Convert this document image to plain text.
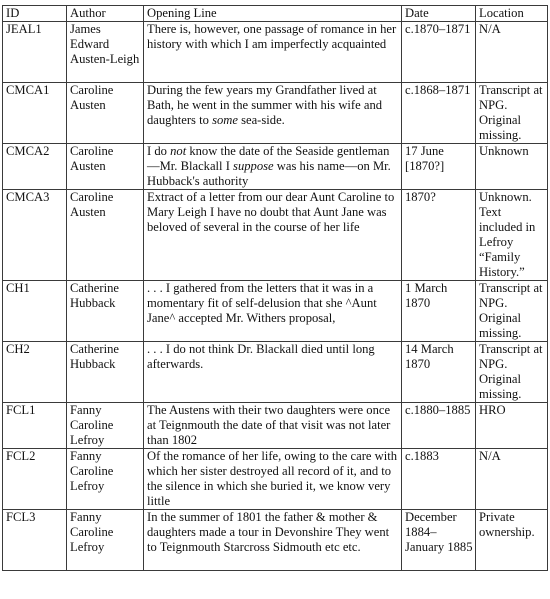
ID	Author	Opening Line	Date	Location
JEAL1	James Edward Austen-Leigh	There is, however, one passage of romance in her history with which I am imperfectly acquainted	c.1870–1871	N/A
CMCA1	Caroline Austen	During the few years my Grandfather lived at Bath, he went in the summer with his wife and daughters to some sea-side.	c.1868–1871	Transcript at NPG. Original missing.
CMCA2	Caroline Austen	I do not know the date of the Seaside gentleman—Mr. Blackall I suppose was his name—on Mr. Hubback's authority	17 June [1870?]	Unknown
CMCA3	Caroline Austen	Extract of a letter from our dear Aunt Caroline to Mary Leigh I have no doubt that Aunt Jane was beloved of several in the course of her life	1870?	Unknown. Text included in Lefroy “Family History.”
CH1	Catherine Hubback	. . . I gathered from the letters that it was in a momentary fit of self-delusion that she ^Aunt Jane^ accepted Mr. Withers proposal,	1 March 1870	Transcript at NPG. Original missing.
CH2	Catherine Hubback	. . . I do not think Dr. Blackall died until long afterwards.	14 March 1870	Transcript at NPG. Original missing.
FCL1	Fanny Caroline Lefroy	The Austens with their two daughters were once at Teignmouth the date of that visit was not later than 1802	c.1880–1885	HRO
FCL2	Fanny Caroline Lefroy	Of the romance of her life, owing to the care with which her sister destroyed all record of it, and to the silence in which she buried it, we know very little	c.1883	N/A
FCL3	Fanny Caroline Lefroy	In the summer of 1801 the father & mother & daughters made a tour in Devonshire They went to Teignmouth Starcross Sidmouth etc etc.	December 1884–January 1885	Private ownership.
